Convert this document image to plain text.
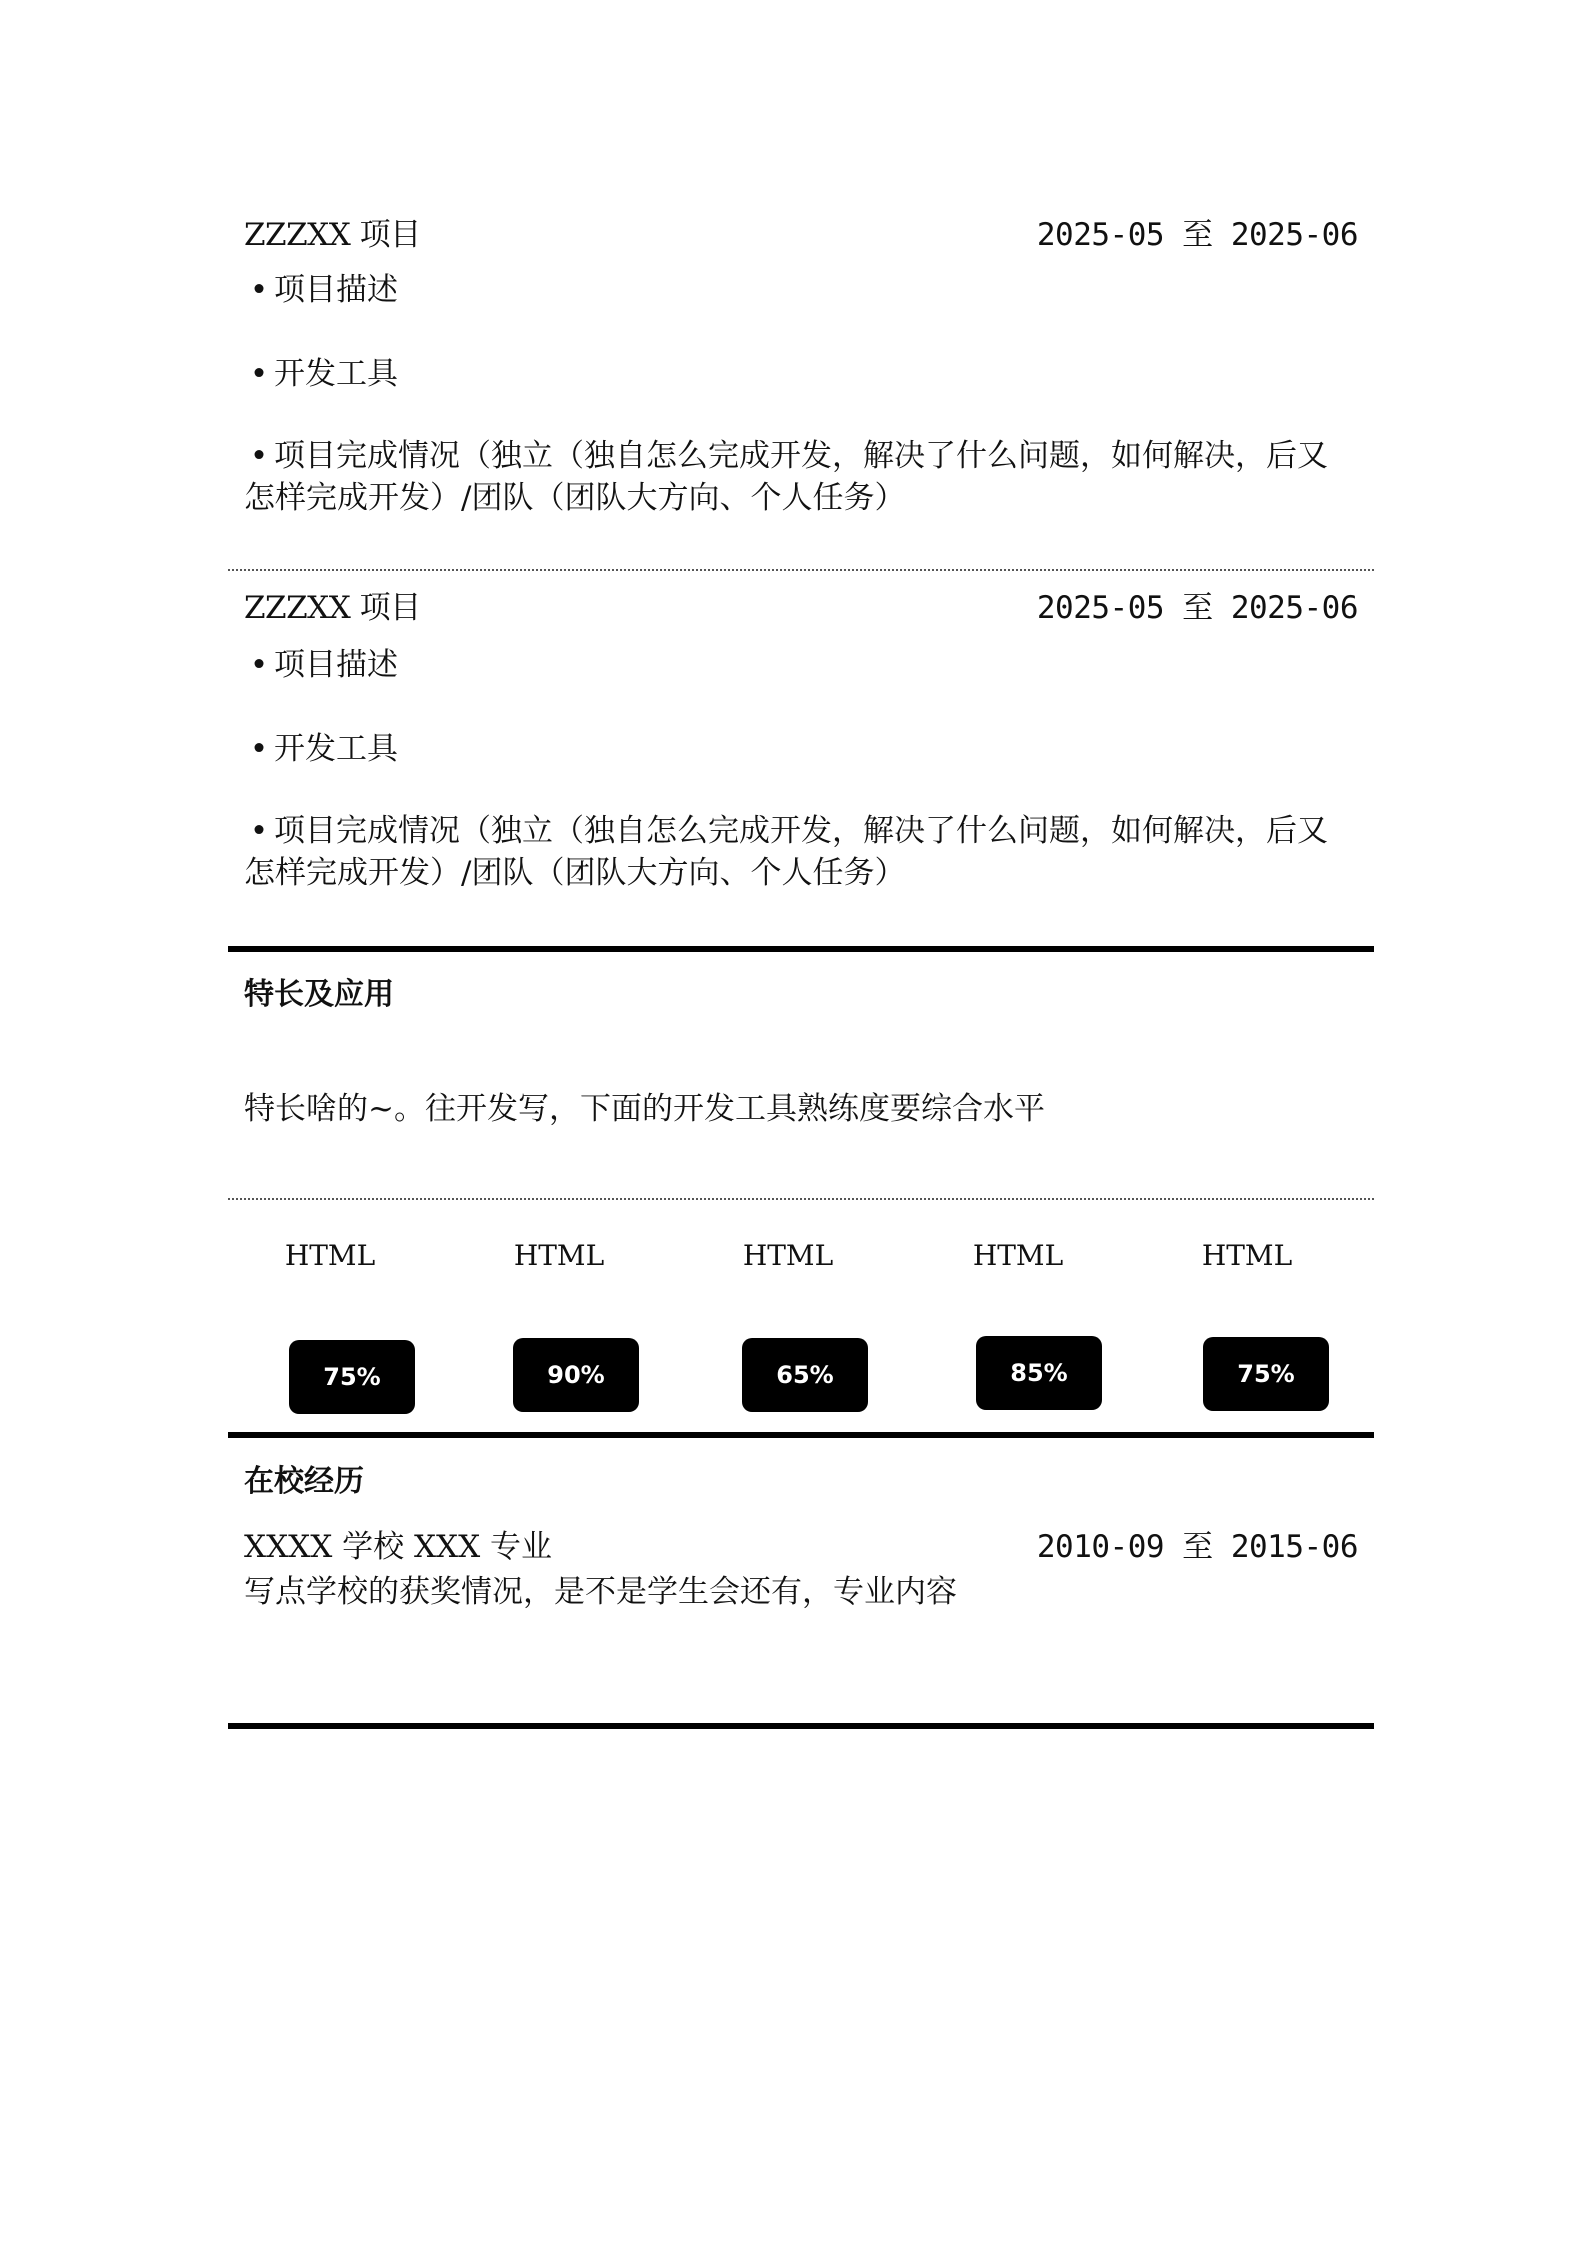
ZZZXX 项目	2025-05 至 2025-06
• 项目描述
• 开发工具
• 项目完成情况（独立（独自怎么完成开发，解决了什么问题，如何解决，后又
怎样完成开发）/团队（团队大方向、个人任务）
ZZZXX 项目	2025-05 至 2025-06
• 项目描述
• 开发工具
• 项目完成情况（独立（独自怎么完成开发，解决了什么问题，如何解决，后又
怎样完成开发）/团队（团队大方向、个人任务）
特长及应用
特长啥的~。往开发写，下面的开发工具熟练度要综合水平
HTML	HTML	HTML	HTML	HTML
75%	90%	65%	85%	75%
在校经历
XXXX 学校 XXX 专业	2010-09 至 2015-06
写点学校的获奖情况，是不是学生会还有，专业内容
